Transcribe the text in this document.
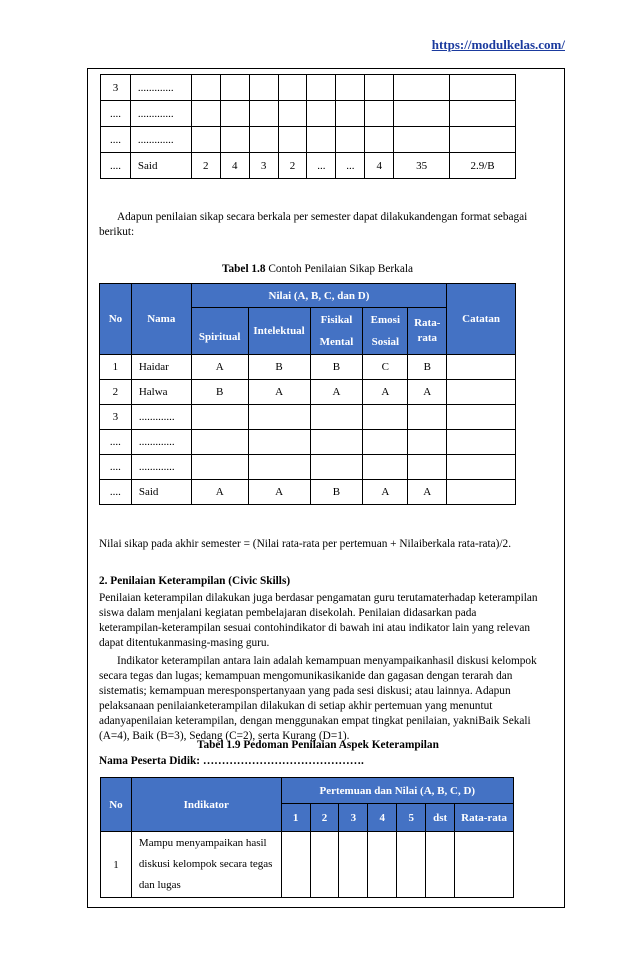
https://modulkelas.com/
3	.............									
....	.............									
....	.............									
....	Said	2	4	3	2	...	...	4	35	2.9/B
Adapun penilaian sikap secara berkala per semester dapat dilakukandengan format sebagai berikut:
Tabel 1.8 Contoh Penilaian Sikap Berkala
No	Nama	Nilai (A, B, C, dan D)					Catatan
		Spiritual	Intelektual	Fisikal Mental	Emosi Sosial	Rata-rata	
1	Haidar	A	B	B	C	B	
2	Halwa	B	A	A	A	A	
3	.............						
....	.............						
....	.............						
....	Said	A	A	B	A	A	
Nilai sikap pada akhir semester = (Nilai rata-rata per pertemuan + Nilaiberkala rata-rata)/2.
2. Penilaian Keterampilan (Civic Skills)
Penilaian keterampilan dilakukan juga berdasar pengamatan guru terutamaterhadap keterampilan siswa dalam menjalani kegiatan pembelajaran disekolah. Penilaian didasarkan pada keterampilan-keterampilan sesuai contohindikator di bawah ini atau indikator lain yang relevan dapat ditentukanmasing-masing guru.
Indikator keterampilan antara lain adalah kemampuan menyampaikanhasil diskusi kelompok secara tegas dan lugas; kemampuan mengomunikasikanide dan gagasan dengan terarah dan sistematis; kemampuan meresponspertanyaan yang pada sesi diskusi; atau lainnya. Adapun pelaksanaan penilaianketerampilan dilakukan di setiap akhir pertemuan yang menuntut adanyapenilaian keterampilan, dengan menggunakan empat tingkat penilaian, yakniBaik Sekali (A=4), Baik (B=3), Sedang (C=2), serta Kurang (D=1).
Tabel 1.9 Pedoman Penilaian Aspek Keterampilan
Nama Peserta Didik: …………………………………….
No	Indikator	Pertemuan dan Nilai (A, B, C, D)						
		1	2	3	4	5	dst	Rata-rata
1	Mampu menyampaikan hasil diskusi kelompok secara tegas dan lugas							
